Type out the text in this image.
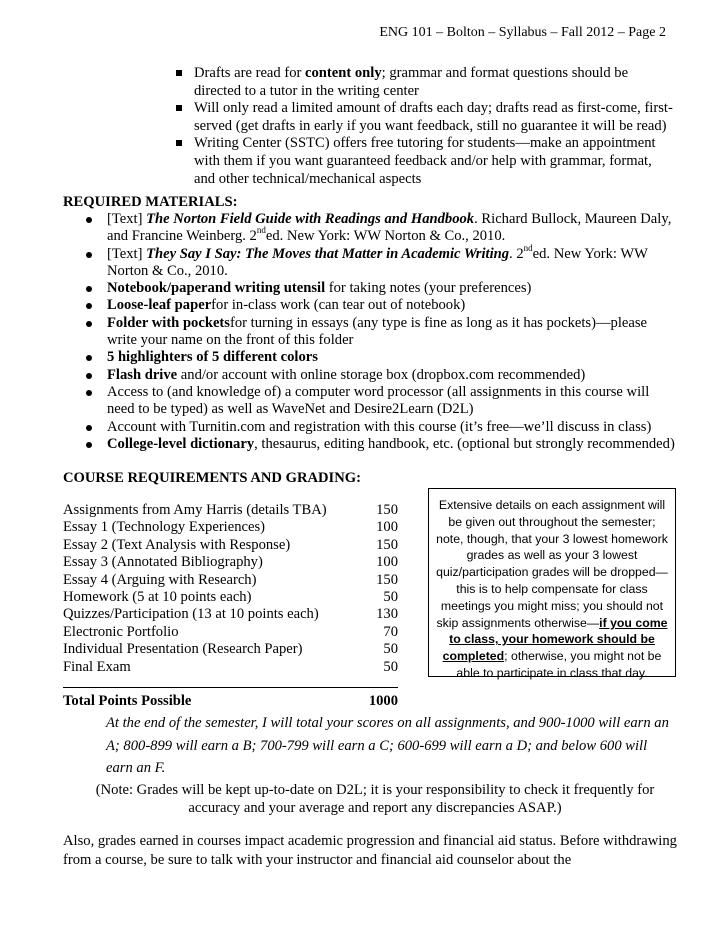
ENG 101 – Bolton – Syllabus – Fall 2012 – Page 2
Drafts are read for content only; grammar and format questions should be directed to a tutor in the writing center
Will only read a limited amount of drafts each day; drafts read as first-come, first-served (get drafts in early if you want feedback, still no guarantee it will be read)
Writing Center (SSTC) offers free tutoring for students—make an appointment with them if you want guaranteed feedback and/or help with grammar, format, and other technical/mechanical aspects
REQUIRED MATERIALS:
[Text] The Norton Field Guide with Readings and Handbook. Richard Bullock, Maureen Daly, and Francine Weinberg. 2nded. New York: WW Norton & Co., 2010.
[Text] They Say I Say: The Moves that Matter in Academic Writing. 2nded. New York: WW Norton & Co., 2010.
Notebook/paperand writing utensil for taking notes (your preferences)
Loose-leaf paperfor in-class work (can tear out of notebook)
Folder with pocketsfor turning in essays (any type is fine as long as it has pockets)—please write your name on the front of this folder
5 highlighters of 5 different colors
Flash drive and/or account with online storage box (dropbox.com recommended)
Access to (and knowledge of) a computer word processor (all assignments in this course will need to be typed) as well as WaveNet and Desire2Learn (D2L)
Account with Turnitin.com and registration with this course (it’s free—we’ll discuss in class)
College-level dictionary, thesaurus, editing handbook, etc. (optional but strongly recommended)
COURSE REQUIREMENTS AND GRADING:
Assignments from Amy Harris (details TBA)	150
Essay 1 (Technology Experiences)	100
Essay 2 (Text Analysis with Response)	150
Essay 3 (Annotated Bibliography)	100
Essay 4 (Arguing with Research)	150
Homework (5 at 10 points each)	50
Quizzes/Participation (13 at 10 points each)	130
Electronic Portfolio	70
Individual Presentation (Research Paper)	50
Final Exam	50
Total Points Possible	1000
Extensive details on each assignment will be given out throughout the semester; note, though, that your 3 lowest homework grades as well as your 3 lowest quiz/participation grades will be dropped—this is to help compensate for class meetings you might miss; you should not skip assignments otherwise—if you come to class, your homework should be completed; otherwise, you might not be able to participate in class that day.
At the end of the semester, I will total your scores on all assignments, and 900-1000 will earn an A; 800-899 will earn a B; 700-799 will earn a C; 600-699 will earn a D; and below 600 will earn an F.
(Note: Grades will be kept up-to-date on D2L; it is your responsibility to check it frequently for accuracy and your average and report any discrepancies ASAP.)
Also, grades earned in courses impact academic progression and financial aid status. Before withdrawing from a course, be sure to talk with your instructor and financial aid counselor about the
